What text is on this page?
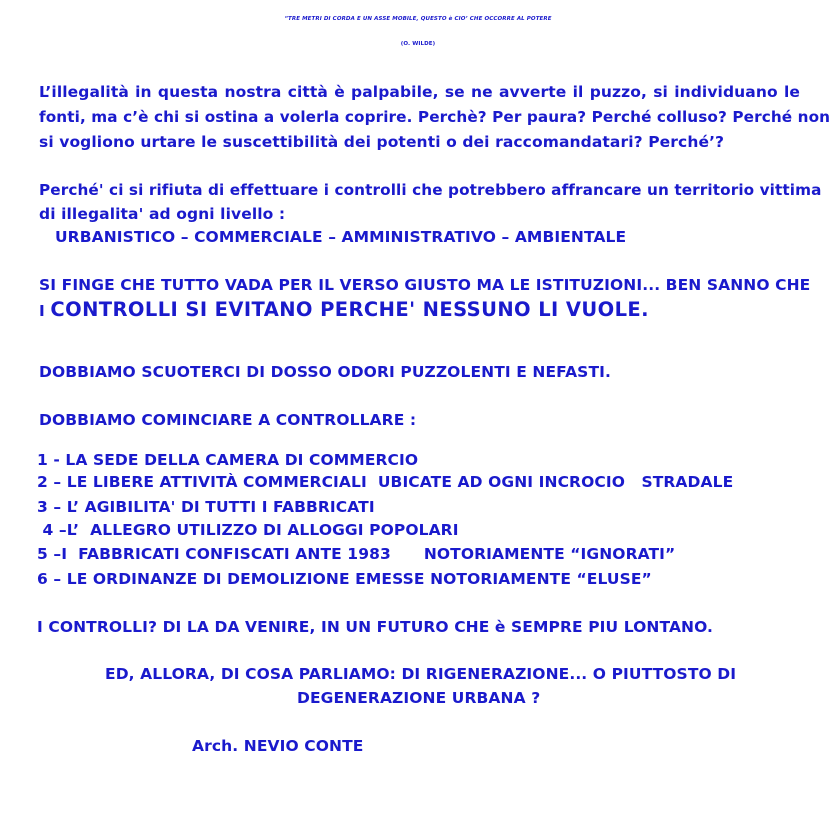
“TRE METRI DI CORDA E UN ASSE MOBILE, QUESTO è CIO’ CHE OCCORRE AL POTERE
(O. WILDE)
L’illegalità in questa nostra città è palpabile, se ne avverte il puzzo, si individuano le
fonti, ma c’è chi si ostina a volerla coprire. Perchè? Per paura? Perché colluso? Perché non
si vogliono urtare le suscettibilità dei potenti o dei raccomandatari? Perché’?
Perché' ci si rifiuta di effettuare i controlli che potrebbero affrancare un territorio vittima
di illegalita' ad ogni livello :
URBANISTICO – COMMERCIALE – AMMINISTRATIVO – AMBIENTALE
SI FINGE CHE TUTTO VADA PER IL VERSO GIUSTO MA LE ISTITUZIONI... BEN SANNO CHE
I CONTROLLI SI EVITANO PERCHE' NESSUNO LI VUOLE.
DOBBIAMO SCUOTERCI DI DOSSO ODORI PUZZOLENTI E NEFASTI.
DOBBIAMO COMINCIARE A CONTROLLARE :
1 - LA SEDE DELLA CAMERA DI COMMERCIO
2 – LE LIBERE ATTIVITÀ COMMERCIALI  UBICATE AD OGNI INCROCIO   STRADALE
3 – L’ AGIBILITA' DI TUTTI I FABBRICATI
4 –L’  ALLEGRO UTILIZZO DI ALLOGGI POPOLARI
5 –I  FABBRICATI CONFISCATI ANTE 1983      NOTORIAMENTE “IGNORATI”
6 – LE ORDINANZE DI DEMOLIZIONE EMESSE NOTORIAMENTE “ELUSE”
I CONTROLLI? DI LA DA VENIRE, IN UN FUTURO CHE è SEMPRE PIU LONTANO.
ED, ALLORA, DI COSA PARLIAMO: DI RIGENERAZIONE... O PIUTTOSTO DI
DEGENERAZIONE URBANA ?
Arch. NEVIO CONTE
